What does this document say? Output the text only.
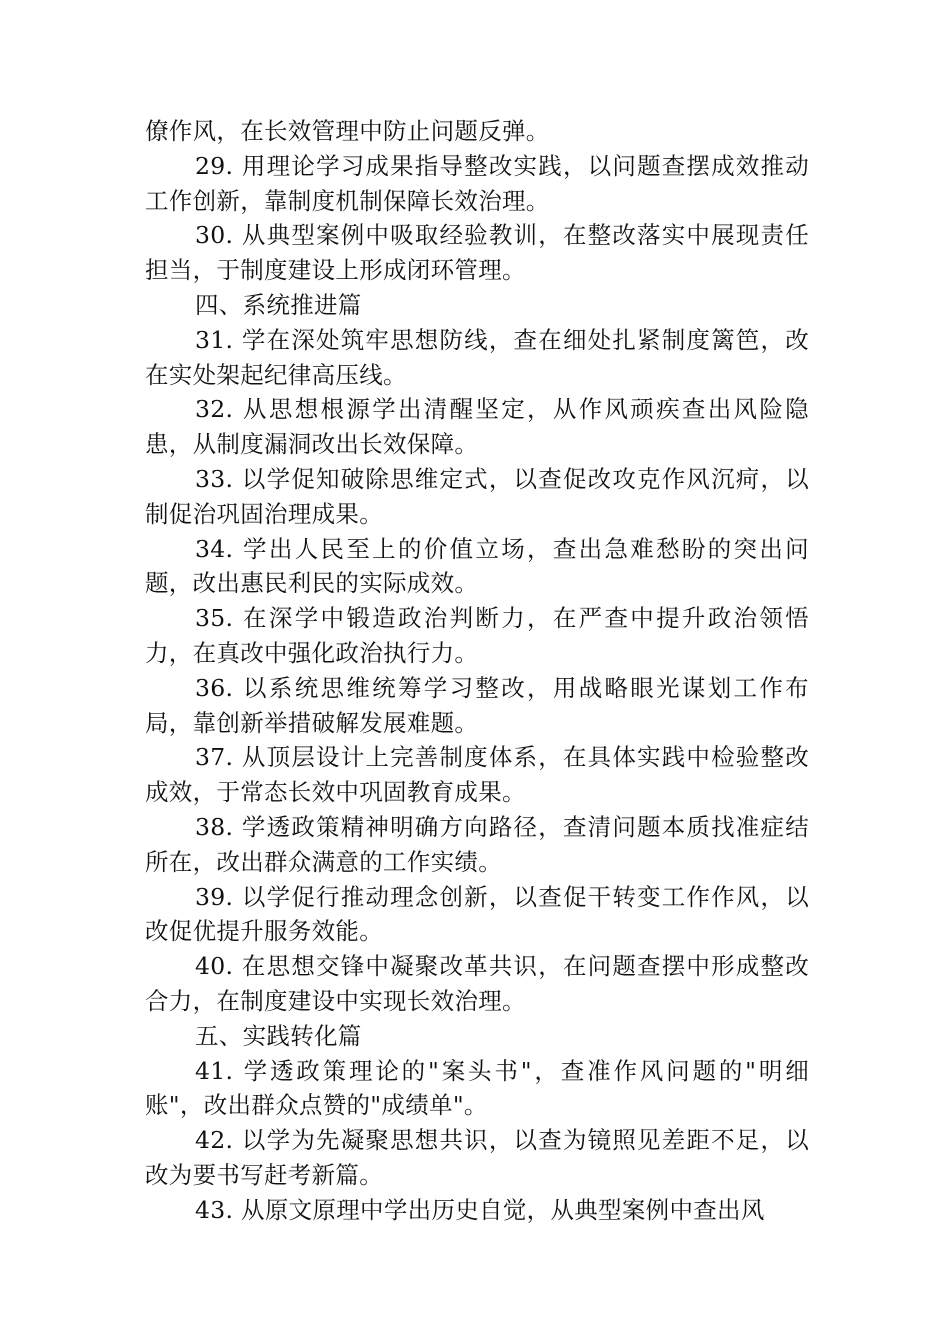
僚作风，在长效管理中防止问题反弹。

29. 用理论学习成果指导整改实践，以问题查摆成效推动工作创新，靠制度机制保障长效治理。

30. 从典型案例中吸取经验教训，在整改落实中展现责任担当，于制度建设上形成闭环管理。

四、系统推进篇

31. 学在深处筑牢思想防线，查在细处扎紧制度篱笆，改在实处架起纪律高压线。

32. 从思想根源学出清醒坚定，从作风顽疾查出风险隐患，从制度漏洞改出长效保障。

33. 以学促知破除思维定式，以查促改攻克作风沉疴，以制促治巩固治理成果。

34. 学出人民至上的价值立场，查出急难愁盼的突出问题，改出惠民利民的实际成效。

35. 在深学中锻造政治判断力，在严查中提升政治领悟力，在真改中强化政治执行力。

36. 以系统思维统筹学习整改，用战略眼光谋划工作布局，靠创新举措破解发展难题。

37. 从顶层设计上完善制度体系，在具体实践中检验整改成效，于常态长效中巩固教育成果。

38. 学透政策精神明确方向路径，查清问题本质找准症结所在，改出群众满意的工作实绩。

39. 以学促行推动理念创新，以查促干转变工作作风，以改促优提升服务效能。

40. 在思想交锋中凝聚改革共识，在问题查摆中形成整改合力，在制度建设中实现长效治理。

五、实践转化篇

41. 学透政策理论的"案头书"，查准作风问题的"明细账"，改出群众点赞的"成绩单"。

42. 以学为先凝聚思想共识，以查为镜照见差距不足，以改为要书写赶考新篇。

43. 从原文原理中学出历史自觉，从典型案例中查出风
